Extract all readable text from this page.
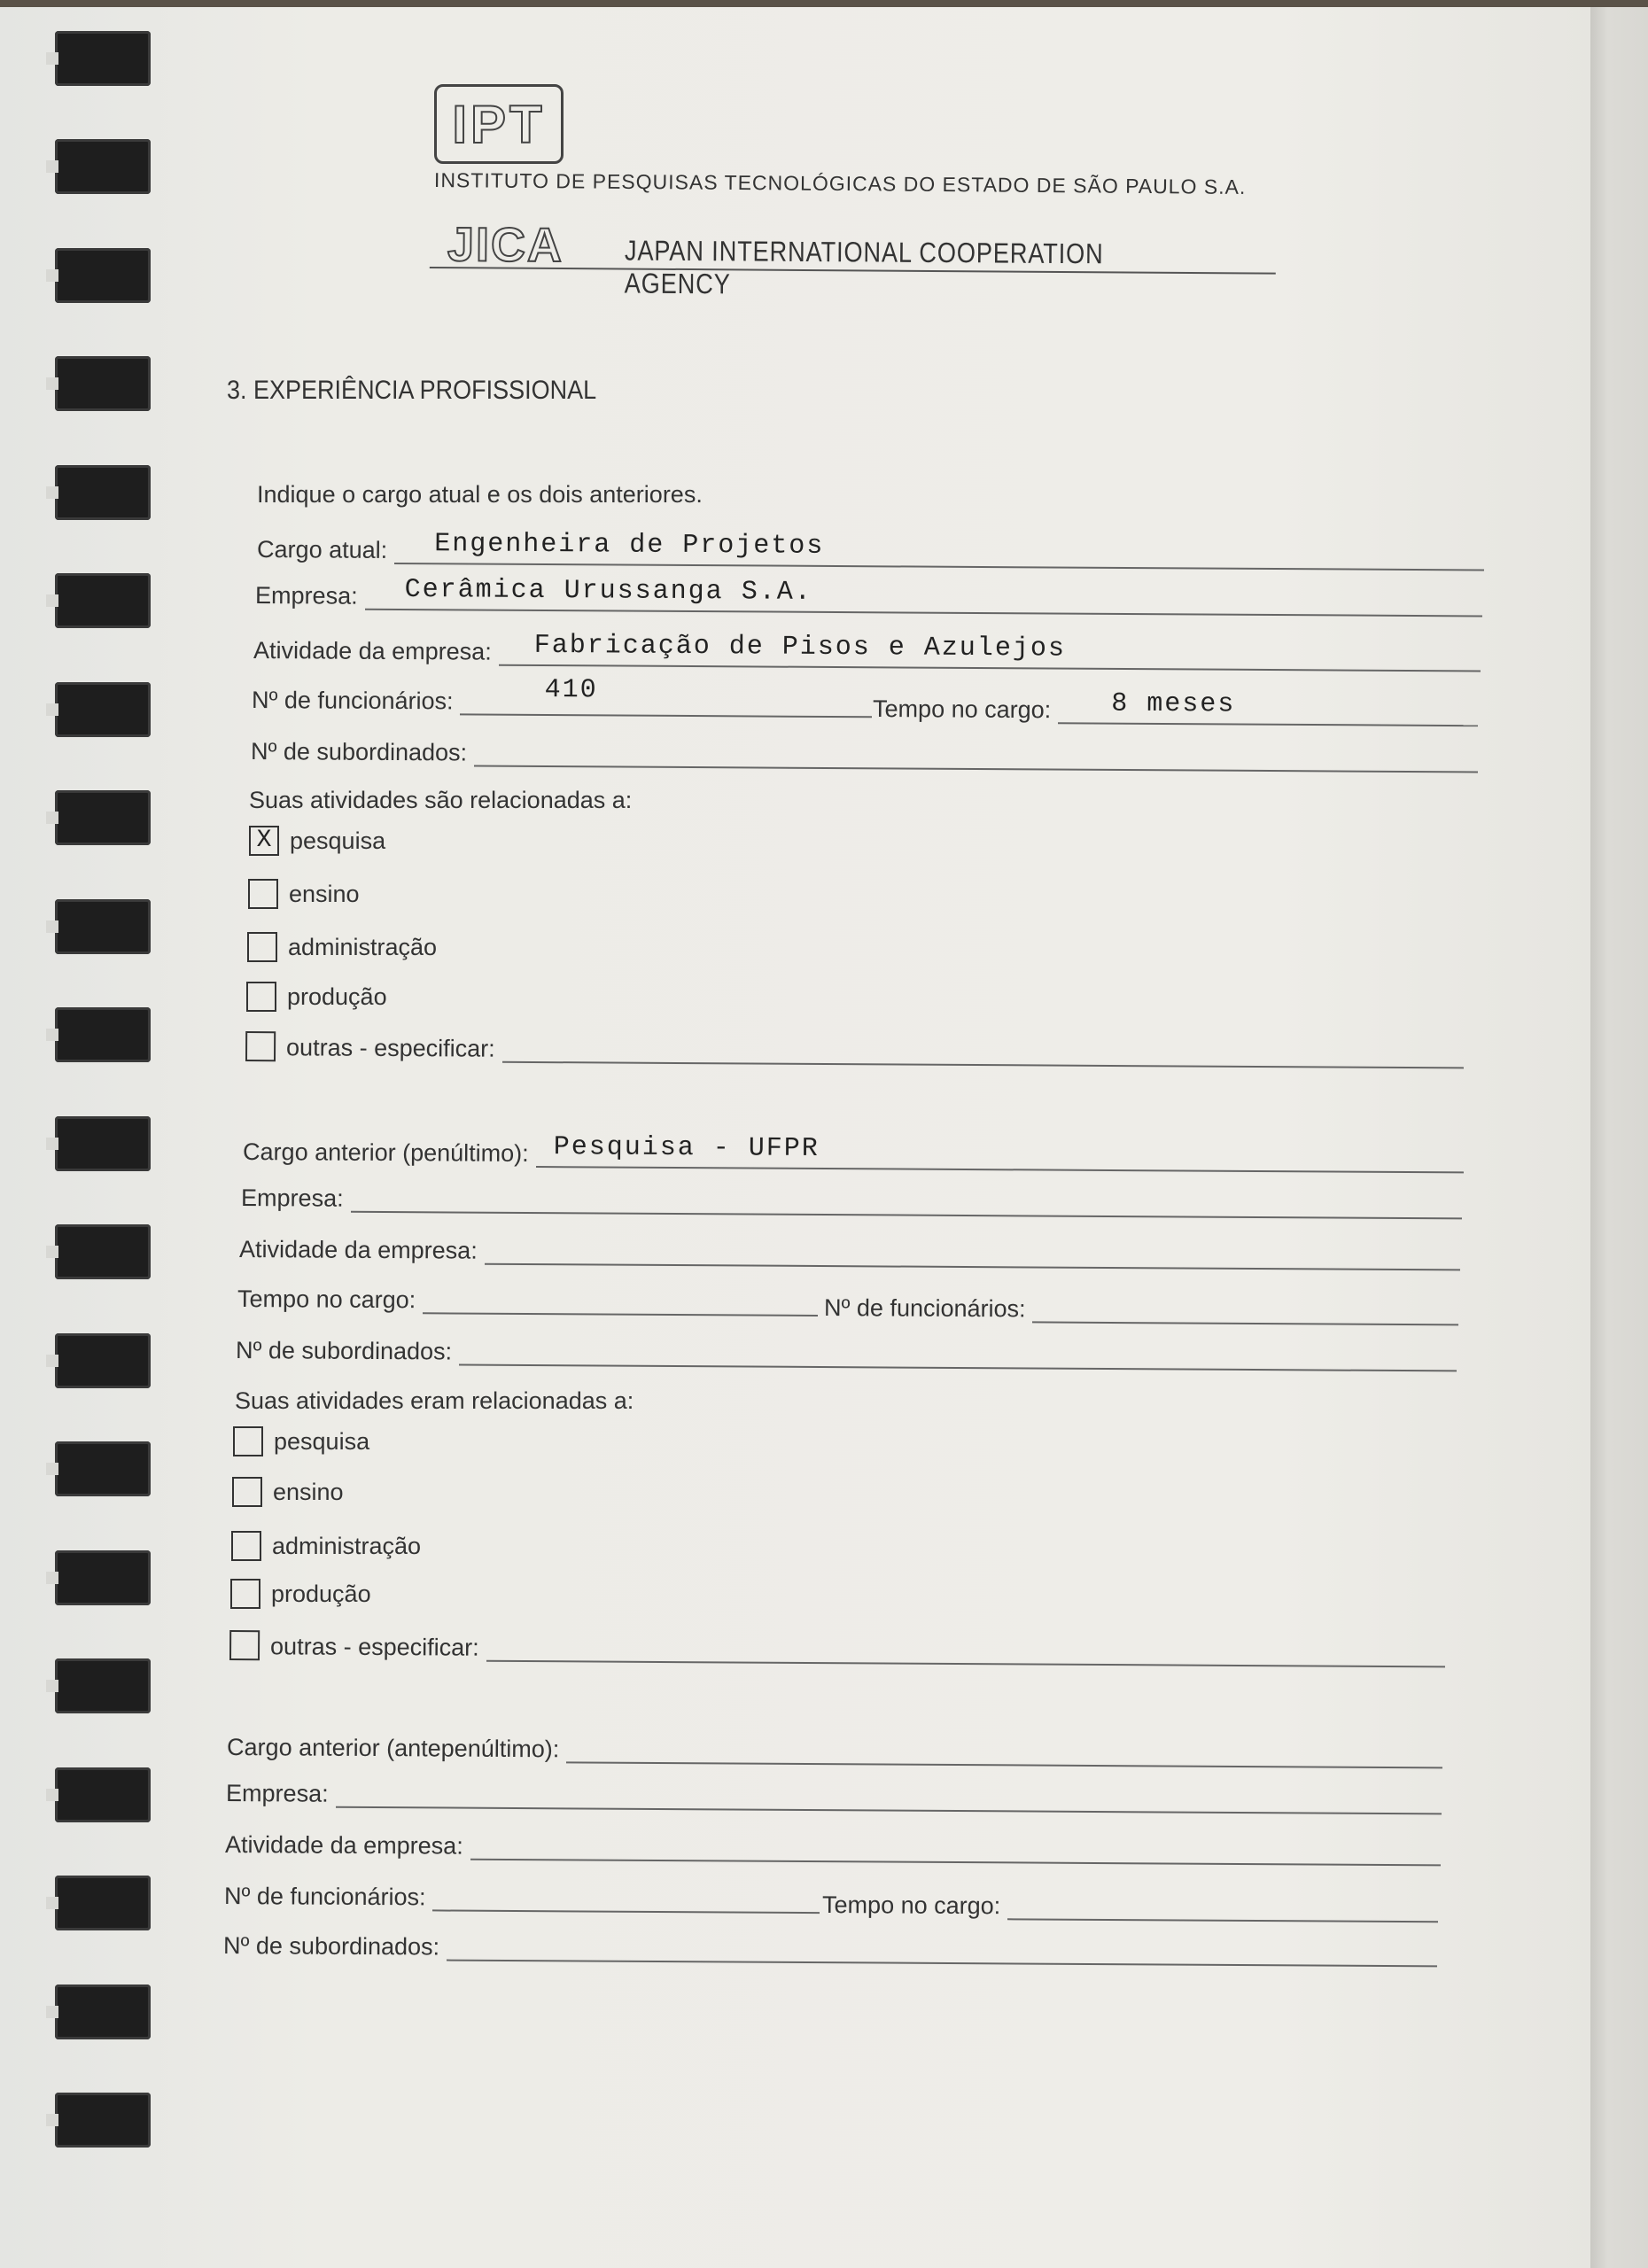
IPT
INSTITUTO DE PESQUISAS TECNOLÓGICAS DO ESTADO DE SÃO PAULO S.A.
JICA JAPAN INTERNATIONAL COOPERATION AGENCY
3. EXPERIÊNCIA PROFISSIONAL
Indique o cargo atual e os dois anteriores.
Cargo atual: Engenheira de Projetos
Empresa: Cerâmica Urussanga S.A.
Atividade da empresa: Fabricação de Pisos e Azulejos
Nº de funcionários:	410
Tempo no cargo: 8 meses
Nº de subordinados:
Suas atividades são relacionadas a:
X pesquisa
ensino
administração
produção
outras - especificar:
Cargo anterior (penúltimo): Pesquisa - UFPR
Empresa:
Atividade da empresa:
Tempo no cargo:	Nº de funcionários:
Nº de subordinados:
Suas atividades eram relacionadas a:
pesquisa
ensino
administração
produção
outras - especificar:
Cargo anterior (antepenúltimo):
Empresa:
Atividade da empresa:
Nº de funcionários:	Tempo no cargo:
Nº de subordinados:
